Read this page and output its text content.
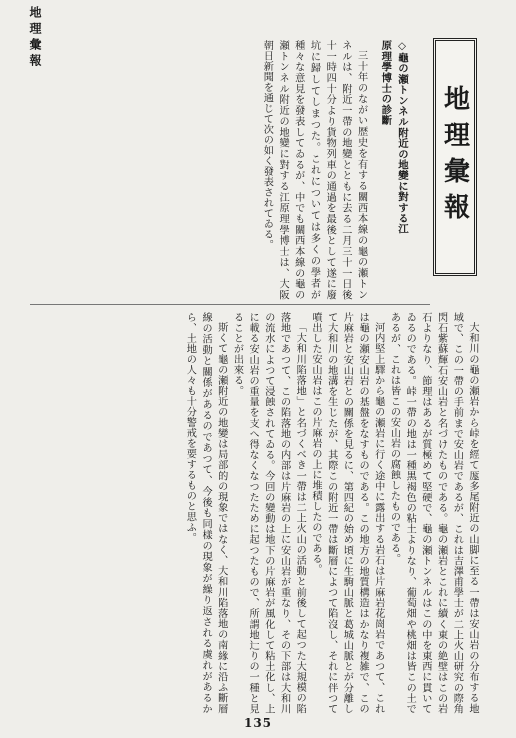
地理彙報
地理彙報
◇龜の瀬トンネル附近の地變に對する江
原理學博士の診斷

三十年のながい歴史を有する關西本線の龜の瀬トンネルは、附近一帶の地變とともに去る二月三十一日後十一時四十分より貨物列車の通過を最後として遂に廢坑に歸してしまつた。これについては多くの學者が種々な意見を發表してゐるが、中でも關西本線の龜の瀬トンネル附近の地變に對する江原理學博士は、大阪朝日新聞を通じて次の如く發表されてゐる。

大和川の龜の瀬岩から峠を經て厖多尾附近の山脚に至る一帶は安山岩の分布する地域で、この一帶の手前まで安山岩であるが、これは吉澤甫學士が二上火山研究の際角閃石紫蘇輝石安山岩と名づけたものである。龜の瀬岩とこれに續く東の絶壁はこの岩石よりなり、節理はあるが質極めて堅硬で、龜の瀬トンネルはこの中を東西に貫いてゐるのである。峠一帶の地は一種黒褐色の粘土よりなり、葡萄畑や桃畑は皆この土であるが、これは皆この安山岩の腐蝕したものである。

河内堅上驛から龜の瀬岩に行く途中に露出する岩石は片麻岩花崗岩であつて、これは龜の瀬安山岩の基盤をなすものである。この地方の地質構造はかなり複雑で、この片麻岩と安山岩との關係を見るに、第四紀の始め頃に生駒山脈と葛城山脈とが分離して大和川の地溝を生じたが、其際この附近一帶は斷層によつて陷沒し、それに伴つて噴出した安山岩はこの片麻岩の上に堆積したのである。

「大和川陷落地」と名づくべき一帶は二上火山の活動と前後して起つた大規模の陷落地であつて、この陷落地の内部は片麻岩の上に安山岩が重なり、その下部は大和川の流水によつて浸蝕されてゐる。今回の變動は地下の片麻岩が風化して粘土化し、上に載る安山岩の重量を支へ得なくなつたために起つたもので、所謂地辷りの一種と見ることが出來る。

斯くて龜の瀬附近の地變は局部的の現象ではなく、大和川陷落地の南緣に沿ふ斷層線の活動と關係があるのであつて、今後も同樣の現象が繰り返される虞れがあるから、土地の人々も十分警戒を要するものと思ふ。

135
